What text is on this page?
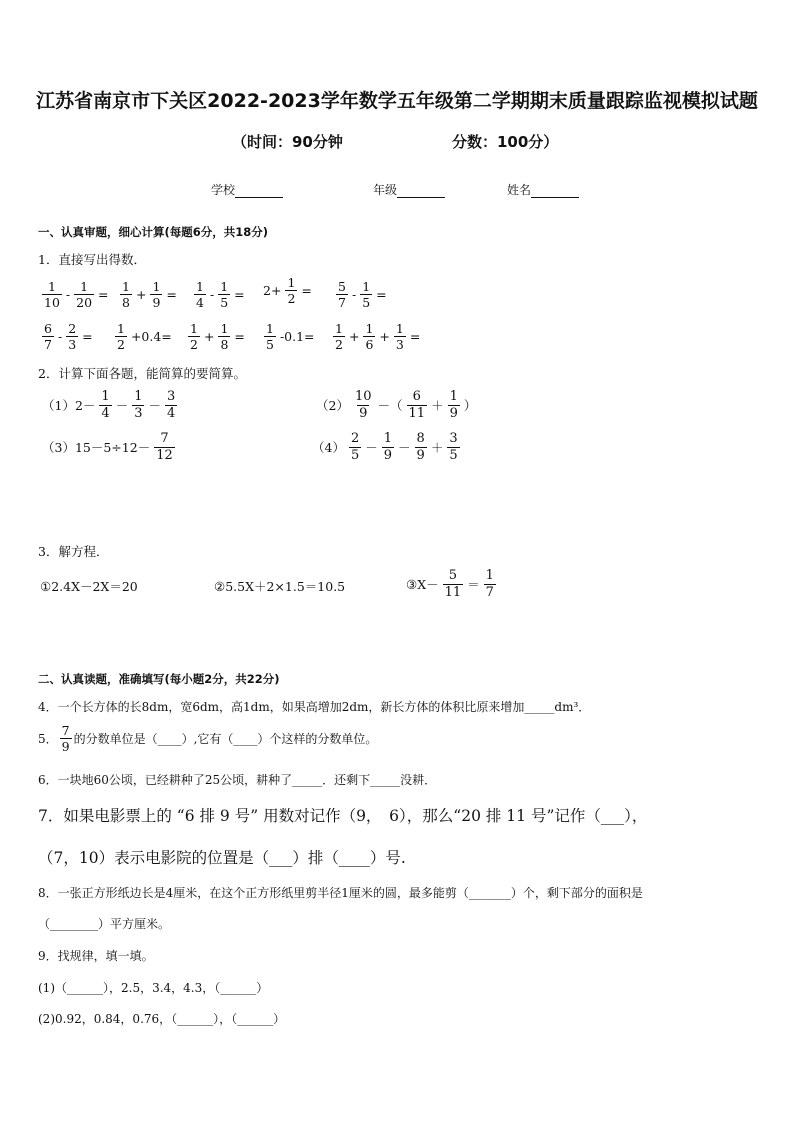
江苏省南京市下关区2022-2023学年数学五年级第二学期期末质量跟踪监视模拟试题
（时间：90分钟	分数：100分）
学校	年级	姓名
一、认真审题，细心计算(每题6分，共18分)
1．直接写出得数．
$\frac{1}{10} - \frac{1}{20} = \frac{1}{8} + \frac{1}{9} = \frac{1}{4} - \frac{1}{5} = 2+ \frac{1}{2} = \frac{5}{7} - \frac{1}{5}$ =
$\frac{6}{7} - \frac{2}{3} = \frac{1}{2} +0.4= \frac{1}{2} + \frac{1}{8} = \frac{1}{5} -0.1= \frac{1}{2} + \frac{1}{6} + \frac{1}{3}$ =
2．计算下面各题，能简算的要简算。
$(1)2- \frac{1}{4} - \frac{1}{3} - \frac{3}{4}$	$(2) \frac{10}{9}$ －（ $\frac{6}{11} + \frac{1}{9}$ ）
$(3)15-5\div 12- \frac{7}{12}$	$(4) \frac{2}{5} - \frac{1}{9} - \frac{8}{9} + \frac{3}{5}$
3．解方程．
①2.4X－2X＝20	②5.5X＋2×1.5＝10.5	③X－ $\frac{5}{11} = \frac{1}{7}$
二、认真读题，准确填写(每小题2分，共22分)
4．一个长方体的长8dm，宽6dm，高1dm，如果高增加2dm，新长方体的体积比原来增加_____dm³．
5． $\frac{7}{9}$ 的分数单位是（____）,它有（____）个这样的分数单位。
6．一块地60公顷，已经耕种了25公顷，耕种了_____．还剩下_____没耕．
7．如果电影票上的 “6 排 9 号” 用数对记作（9，　6），那么“20 排 11 号”记作（___），
（7，10）表示电影院的位置是（___）排（____）号.
8．一张正方形纸边长是4厘米，在这个正方形纸里剪半径1厘米的圆，最多能剪（_______）个，剩下部分的面积是
（________）平方厘米。
9．找规律，填一填。
(1)（______），2.5，3.4，4.3，（______）
(2)0.92，0.84，0.76，（______），（______）
